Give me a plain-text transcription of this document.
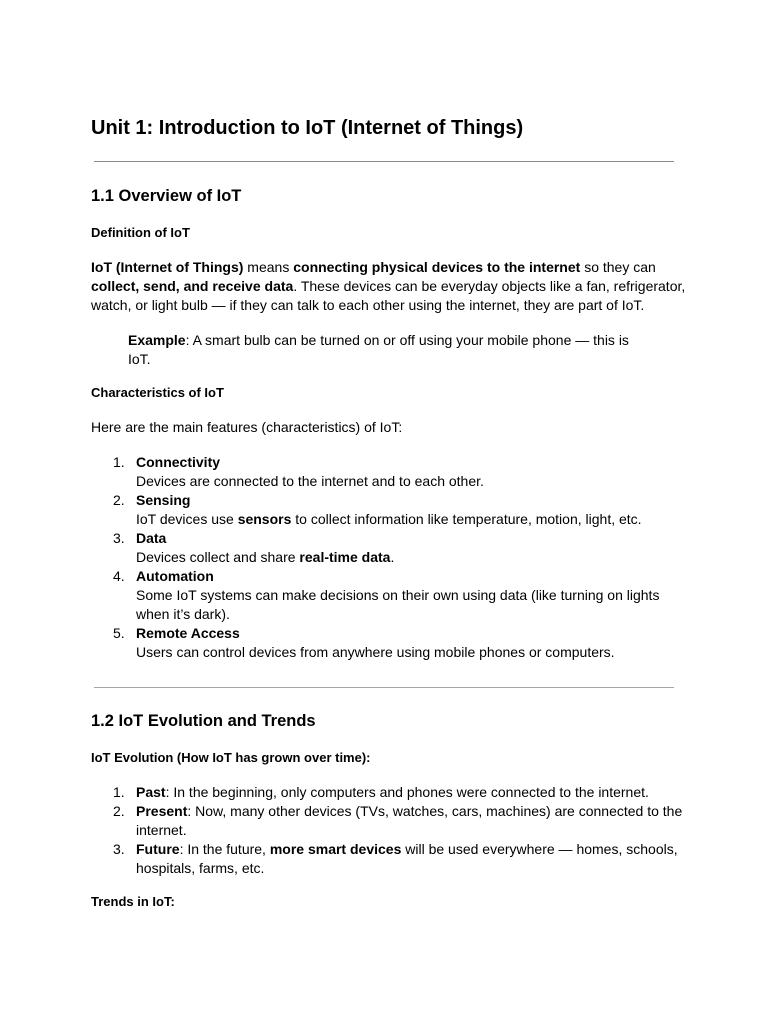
Unit 1: Introduction to IoT (Internet of Things)
1.1 Overview of IoT
Definition of IoT
IoT (Internet of Things) means connecting physical devices to the internet so they can
collect, send, and receive data. These devices can be everyday objects like a fan, refrigerator,
watch, or light bulb — if they can talk to each other using the internet, they are part of IoT.
Example: A smart bulb can be turned on or off using your mobile phone — this is
IoT.
Characteristics of IoT
Here are the main features (characteristics) of IoT:
1. Connectivity
Devices are connected to the internet and to each other.
2. Sensing
IoT devices use sensors to collect information like temperature, motion, light, etc.
3. Data
Devices collect and share real-time data.
4. Automation
Some IoT systems can make decisions on their own using data (like turning on lights
when it’s dark).
5. Remote Access
Users can control devices from anywhere using mobile phones or computers.
1.2 IoT Evolution and Trends
IoT Evolution (How IoT has grown over time):
1. Past: In the beginning, only computers and phones were connected to the internet.
2. Present: Now, many other devices (TVs, watches, cars, machines) are connected to the
internet.
3. Future: In the future, more smart devices will be used everywhere — homes, schools,
hospitals, farms, etc.
Trends in IoT:
